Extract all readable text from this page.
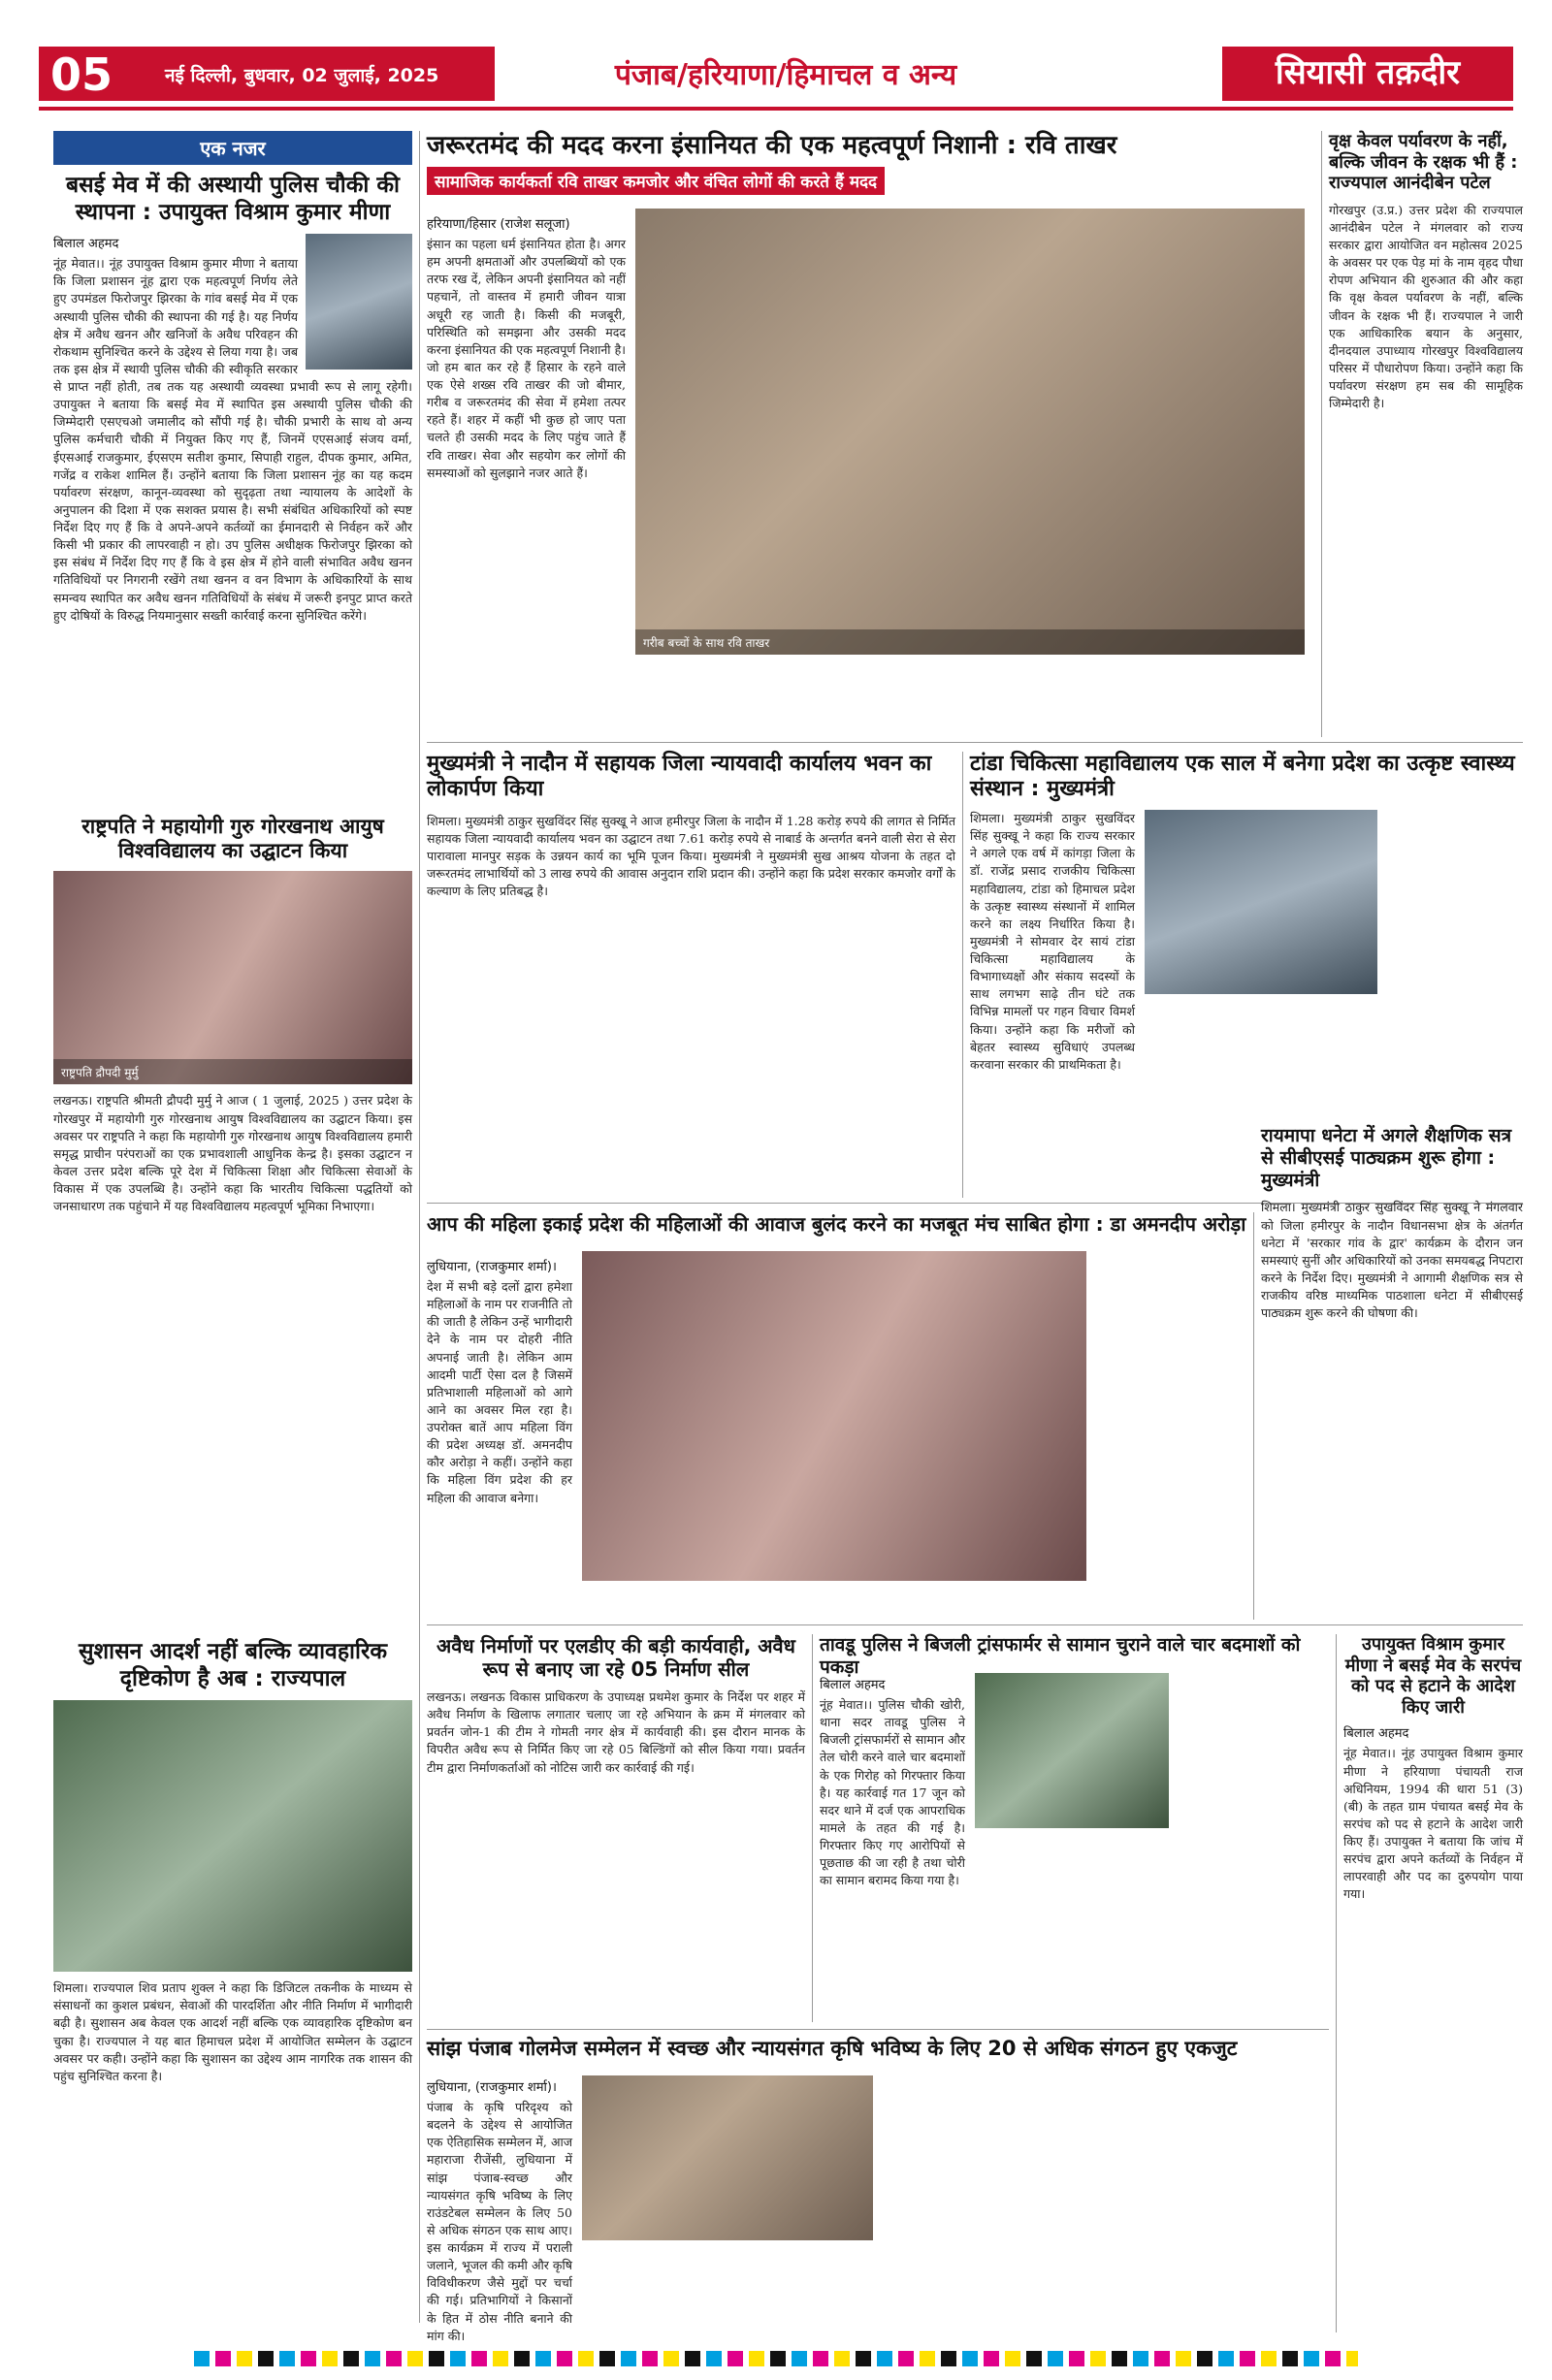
05	नई दिल्ली, बुधवार, 02 जुलाई, 2025	पंजाब/हरियाणा/हिमाचल व अन्य	सियासी तक़दीर
एक नजर
बसई मेव में की अस्थायी पुलिस चौकी की स्थापना : उपायुक्त विश्राम कुमार मीणा
बिलाल अहमद
नूंह मेवात।। नूंह उपायुक्त विश्राम कुमार मीणा ने बताया कि जिला प्रशासन नूंह द्वारा एक महत्वपूर्ण निर्णय लेते हुए उपमंडल फिरोजपुर झिरका के गांव बसई मेव में एक अस्थायी पुलिस चौकी की स्थापना की गई है। यह निर्णय क्षेत्र में अवैध खनन और खनिजों के अवैध परिवहन की रोकथाम सुनिश्चित करने के उद्देश्य से लिया गया है। जब तक इस क्षेत्र में स्थायी पुलिस चौकी की स्वीकृति सरकार से प्राप्त नहीं होती, तब तक यह अस्थायी व्यवस्था प्रभावी रूप से लागू रहेगी। उपायुक्त ने बताया कि बसई मेव में स्थापित इस अस्थायी पुलिस चौकी की जिम्मेदारी एसएचओ जमालीद को सौंपी गई है। चौकी प्रभारी के साथ वो अन्य पुलिस कर्मचारी चौकी में नियुक्त किए गए हैं, जिनमें एएसआई संजय वर्मा, ईएसआई राजकुमार, ईएसएम सतीश कुमार, सिपाही राहुल, दीपक कुमार, अमित, गजेंद्र व राकेश शामिल हैं। उन्होंने बताया कि जिला प्रशासन नूंह का यह कदम पर्यावरण संरक्षण, कानून-व्यवस्था को सुदृढ़ता तथा न्यायालय के आदेशों के अनुपालन की दिशा में एक सशक्त प्रयास है। सभी संबंधित अधिकारियों को स्पष्ट निर्देश दिए गए हैं कि वे अपने-अपने कर्तव्यों का ईमानदारी से निर्वहन करें और किसी भी प्रकार की लापरवाही न हो। उप पुलिस अधीक्षक फिरोजपुर झिरका को इस संबंध में निर्देश दिए गए हैं कि वे इस क्षेत्र में होने वाली संभावित अवैध खनन गतिविधियों पर निगरानी रखेंगे तथा खनन व वन विभाग के अधिकारियों के साथ समन्वय स्थापित कर अवैध खनन गतिविधियों के संबंध में जरूरी इनपुट प्राप्त करते हुए दोषियों के विरुद्ध नियमानुसार सख्ती कार्रवाई करना सुनिश्चित करेंगे।
राष्ट्रपति ने महायोगी गुरु गोरखनाथ आयुष विश्वविद्यालय का उद्घाटन किया
राष्ट्रपति द्रौपदी मुर्मु
लखनऊ। राष्ट्रपति श्रीमती द्रौपदी मुर्मु ने आज ( 1 जुलाई, 2025 ) उत्तर प्रदेश के गोरखपुर में महायोगी गुरु गोरखनाथ आयुष विश्वविद्यालय का उद्घाटन किया। इस अवसर पर राष्ट्रपति ने कहा कि महायोगी गुरु गोरखनाथ आयुष विश्वविद्यालय हमारी समृद्ध प्राचीन परंपराओं का एक प्रभावशाली आधुनिक केन्द्र है। इसका उद्घाटन न केवल उत्तर प्रदेश बल्कि पूरे देश में चिकित्सा शिक्षा और चिकित्सा सेवाओं के विकास में एक उपलब्धि है। उन्होंने कहा कि भारतीय चिकित्सा पद्धतियों को जनसाधारण तक पहुंचाने में यह विश्वविद्यालय महत्वपूर्ण भूमिका निभाएगा।
सुशासन आदर्श नहीं बल्कि व्यावहारिक दृष्टिकोण है अब : राज्यपाल
शिमला। राज्यपाल शिव प्रताप शुक्ल ने कहा कि डिजिटल तकनीक के माध्यम से संसाधनों का कुशल प्रबंधन, सेवाओं की पारदर्शिता और नीति निर्माण में भागीदारी बढ़ी है। सुशासन अब केवल एक आदर्श नहीं बल्कि एक व्यावहारिक दृष्टिकोण बन चुका है। राज्यपाल ने यह बात हिमाचल प्रदेश में आयोजित सम्मेलन के उद्घाटन अवसर पर कही। उन्होंने कहा कि सुशासन का उद्देश्य आम नागरिक तक शासन की पहुंच सुनिश्चित करना है।
जरूरतमंद की मदद करना इंसानियत की एक महत्वपूर्ण निशानी : रवि ताखर
सामाजिक कार्यकर्ता रवि ताखर कमजोर और वंचित लोगों की करते हैं मदद
हरियाणा/हिसार (राजेश सलूजा)
इंसान का पहला धर्म इंसानियत होता है। अगर हम अपनी क्षमताओं और उपलब्धियों को एक तरफ रख दें, लेकिन अपनी इंसानियत को नहीं पहचानें, तो वास्तव में हमारी जीवन यात्रा अधूरी रह जाती है। किसी की मजबूरी, परिस्थिति को समझना और उसकी मदद करना इंसानियत की एक महत्वपूर्ण निशानी है। जो हम बात कर रहे हैं हिसार के रहने वाले एक ऐसे शख्स रवि ताखर की जो बीमार, गरीब व जरूरतमंद की सेवा में हमेशा तत्पर रहते हैं। शहर में कहीं भी कुछ हो जाए पता चलते ही उसकी मदद के लिए पहुंच जाते हैं रवि ताखर। सेवा और सहयोग कर लोगों की समस्याओं को सुलझाने नजर आते हैं।
गरीब बच्चों के साथ रवि ताखर
वृक्ष केवल पर्यावरण के नहीं, बल्कि जीवन के रक्षक भी हैं : राज्यपाल आनंदीबेन पटेल
गोरखपुर (उ.प्र.) उत्तर प्रदेश की राज्यपाल आनंदीबेन पटेल ने मंगलवार को राज्य सरकार द्वारा आयोजित वन महोत्सव 2025 के अवसर पर एक पेड़ मां के नाम वृहद पौधा रोपण अभियान की शुरुआत की और कहा कि वृक्ष केवल पर्यावरण के नहीं, बल्कि जीवन के रक्षक भी हैं। राज्यपाल ने जारी एक आधिकारिक बयान के अनुसार, दीनदयाल उपाध्याय गोरखपुर विश्वविद्यालय परिसर में पौधारोपण किया। उन्होंने कहा कि पर्यावरण संरक्षण हम सब की सामूहिक जिम्मेदारी है।
मुख्यमंत्री ने नादौन में सहायक जिला न्यायवादी कार्यालय भवन का लोकार्पण किया
शिमला। मुख्यमंत्री ठाकुर सुखविंदर सिंह सुक्खू ने आज हमीरपुर जिला के नादौन में 1.28 करोड़ रुपये की लागत से निर्मित सहायक जिला न्यायवादी कार्यालय भवन का उद्घाटन तथा 7.61 करोड़ रुपये से नाबार्ड के अन्तर्गत बनने वाली सेरा से सेरा पारावाला मानपुर सड़क के उन्नयन कार्य का भूमि पूजन किया। मुख्यमंत्री ने मुख्यमंत्री सुख आश्रय योजना के तहत दो जरूरतमंद लाभार्थियों को 3 लाख रुपये की आवास अनुदान राशि प्रदान की। उन्होंने कहा कि प्रदेश सरकार कमजोर वर्गों के कल्याण के लिए प्रतिबद्ध है।
टांडा चिकित्सा महाविद्यालय एक साल में बनेगा प्रदेश का उत्कृष्ट स्वास्थ्य संस्थान : मुख्यमंत्री
शिमला। मुख्यमंत्री ठाकुर सुखविंदर सिंह सुक्खू ने कहा कि राज्य सरकार ने अगले एक वर्ष में कांगड़ा जिला के डॉ. राजेंद्र प्रसाद राजकीय चिकित्सा महाविद्यालय, टांडा को हिमाचल प्रदेश के उत्कृष्ट स्वास्थ्य संस्थानों में शामिल करने का लक्ष्य निर्धारित किया है। मुख्यमंत्री ने सोमवार देर सायं टांडा चिकित्सा महाविद्यालय के विभागाध्यक्षों और संकाय सदस्यों के साथ लगभग साढ़े तीन घंटे तक विभिन्न मामलों पर गहन विचार विमर्श किया। उन्होंने कहा कि मरीजों को बेहतर स्वास्थ्य सुविधाएं उपलब्ध करवाना सरकार की प्राथमिकता है।
आप की महिला इकाई प्रदेश की महिलाओं की आवाज बुलंद करने का मजबूत मंच साबित होगा : डा अमनदीप अरोड़ा
लुधियाना, (राजकुमार शर्मा)।
देश में सभी बड़े दलों द्वारा हमेशा महिलाओं के नाम पर राजनीति तो की जाती है लेकिन उन्हें भागीदारी देने के नाम पर दोहरी नीति अपनाई जाती है। लेकिन आम आदमी पार्टी ऐसा दल है जिसमें प्रतिभाशाली महिलाओं को आगे आने का अवसर मिल रहा है। उपरोक्त बातें आप महिला विंग की प्रदेश अध्यक्ष डॉ. अमनदीप कौर अरोड़ा ने कहीं। उन्होंने कहा कि महिला विंग प्रदेश की हर महिला की आवाज बनेगा।
रायमापा धनेटा में अगले शैक्षणिक सत्र से सीबीएसई पाठ्यक्रम शुरू होगा : मुख्यमंत्री
शिमला। मुख्यमंत्री ठाकुर सुखविंदर सिंह सुक्खू ने मंगलवार को जिला हमीरपुर के नादौन विधानसभा क्षेत्र के अंतर्गत धनेटा में 'सरकार गांव के द्वार' कार्यक्रम के दौरान जन समस्याएं सुनीं और अधिकारियों को उनका समयबद्ध निपटारा करने के निर्देश दिए। मुख्यमंत्री ने आगामी शैक्षणिक सत्र से राजकीय वरिष्ठ माध्यमिक पाठशाला धनेटा में सीबीएसई पाठ्यक्रम शुरू करने की घोषणा की।
अवैध निर्माणों पर एलडीए की बड़ी कार्यवाही, अवैध रूप से बनाए जा रहे 05 निर्माण सील
लखनऊ। लखनऊ विकास प्राधिकरण के उपाध्यक्ष प्रथमेश कुमार के निर्देश पर शहर में अवैध निर्माण के खिलाफ लगातार चलाए जा रहे अभियान के क्रम में मंगलवार को प्रवर्तन जोन-1 की टीम ने गोमती नगर क्षेत्र में कार्यवाही की। इस दौरान मानक के विपरीत अवैध रूप से निर्मित किए जा रहे 05 बिल्डिंगों को सील किया गया। प्रवर्तन टीम द्वारा निर्माणकर्ताओं को नोटिस जारी कर कार्रवाई की गई।
तावडू पुलिस ने बिजली ट्रांसफार्मर से सामान चुराने वाले चार बदमाशों को पकड़ा
बिलाल अहमद
नूंह मेवात।। पुलिस चौकी खोरी, थाना सदर तावडू पुलिस ने बिजली ट्रांसफार्मरों से सामान और तेल चोरी करने वाले चार बदमाशों के एक गिरोह को गिरफ्तार किया है। यह कार्रवाई गत 17 जून को सदर थाने में दर्ज एक आपराधिक मामले के तहत की गई है। गिरफ्तार किए गए आरोपियों से पूछताछ की जा रही है तथा चोरी का सामान बरामद किया गया है।
उपायुक्त विश्राम कुमार मीणा ने बसई मेव के सरपंच को पद से हटाने के आदेश किए जारी
बिलाल अहमद
नूंह मेवात।। नूंह उपायुक्त विश्राम कुमार मीणा ने हरियाणा पंचायती राज अधिनियम, 1994 की धारा 51 (3) (बी) के तहत ग्राम पंचायत बसई मेव के सरपंच को पद से हटाने के आदेश जारी किए हैं। उपायुक्त ने बताया कि जांच में सरपंच द्वारा अपने कर्तव्यों के निर्वहन में लापरवाही और पद का दुरुपयोग पाया गया।
सांझ पंजाब गोलमेज सम्मेलन में स्वच्छ और न्यायसंगत कृषि भविष्य के लिए 20 से अधिक संगठन हुए एकजुट
लुधियाना, (राजकुमार शर्मा)।
पंजाब के कृषि परिदृश्य को बदलने के उद्देश्य से आयोजित एक ऐतिहासिक सम्मेलन में, आज महाराजा रीजेंसी, लुधियाना में सांझ पंजाब-स्वच्छ और न्यायसंगत कृषि भविष्य के लिए राउंडटेबल सम्मेलन के लिए 50 से अधिक संगठन एक साथ आए। इस कार्यक्रम में राज्य में पराली जलाने, भूजल की कमी और कृषि विविधीकरण जैसे मुद्दों पर चर्चा की गई। प्रतिभागियों ने किसानों के हित में ठोस नीति बनाने की मांग की।
